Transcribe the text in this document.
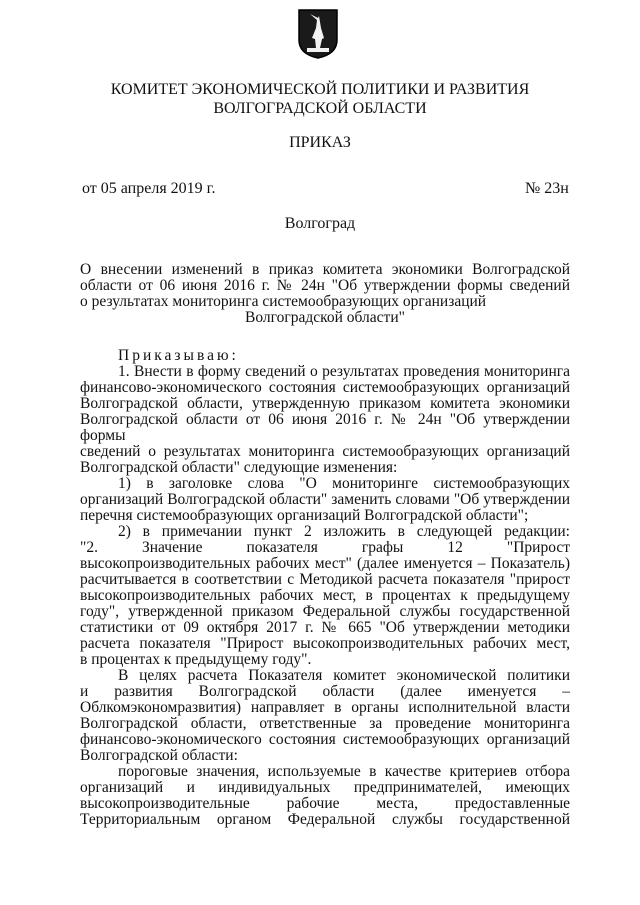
КОМИТЕТ ЭКОНОМИЧЕСКОЙ ПОЛИТИКИ И РАЗВИТИЯ
ВОЛГОГРАДСКОЙ ОБЛАСТИ
ПРИКАЗ
от 05 апреля 2019 г.	№ 23н
Волгоград
О внесении изменений в приказ комитета экономики Волгоградской
области от 06 июня 2016 г. № 24н "Об утверждении формы сведений
о результатах мониторинга системообразующих организаций
Волгоградской области"
Приказываю:
1. Внести в форму сведений о результатах проведения мониторинга
финансово-экономического состояния системообразующих организаций
Волгоградской области, утвержденную приказом комитета экономики
Волгоградской области от 06 июня 2016 г. № 24н "Об утверждении формы
сведений о результатах мониторинга системообразующих организаций
Волгоградской области" следующие изменения:
1) в заголовке слова "О мониторинге системообразующих
организаций Волгоградской области" заменить словами "Об утверждении
перечня системообразующих организаций Волгоградской области";
2) в примечании пункт 2 изложить в следующей редакции:
"2. Значение показателя графы 12 "Прирост
высокопроизводительных рабочих мест" (далее именуется – Показатель)
расчитывается в соответствии с Методикой расчета показателя "прирост
высокопроизводительных рабочих мест, в процентах к предыдущему
году", утвержденной приказом Федеральной службы государственной
статистики от 09 октября 2017 г. № 665 "Об утверждении методики
расчета показателя "Прирост высокопроизводительных рабочих мест,
в процентах к предыдущему году".
В целях расчета Показателя комитет экономической политики
и развития Волгоградской области (далее именуется –
Облкомэкономразвития) направляет в органы исполнительной власти
Волгоградской области, ответственные за проведение мониторинга
финансово-экономического состояния системообразующих организаций
Волгоградской области:
пороговые значения, используемые в качестве критериев отбора
организаций и индивидуальных предпринимателей, имеющих
высокопроизводительные рабочие места, предоставленные
Территориальным органом Федеральной службы государственной
